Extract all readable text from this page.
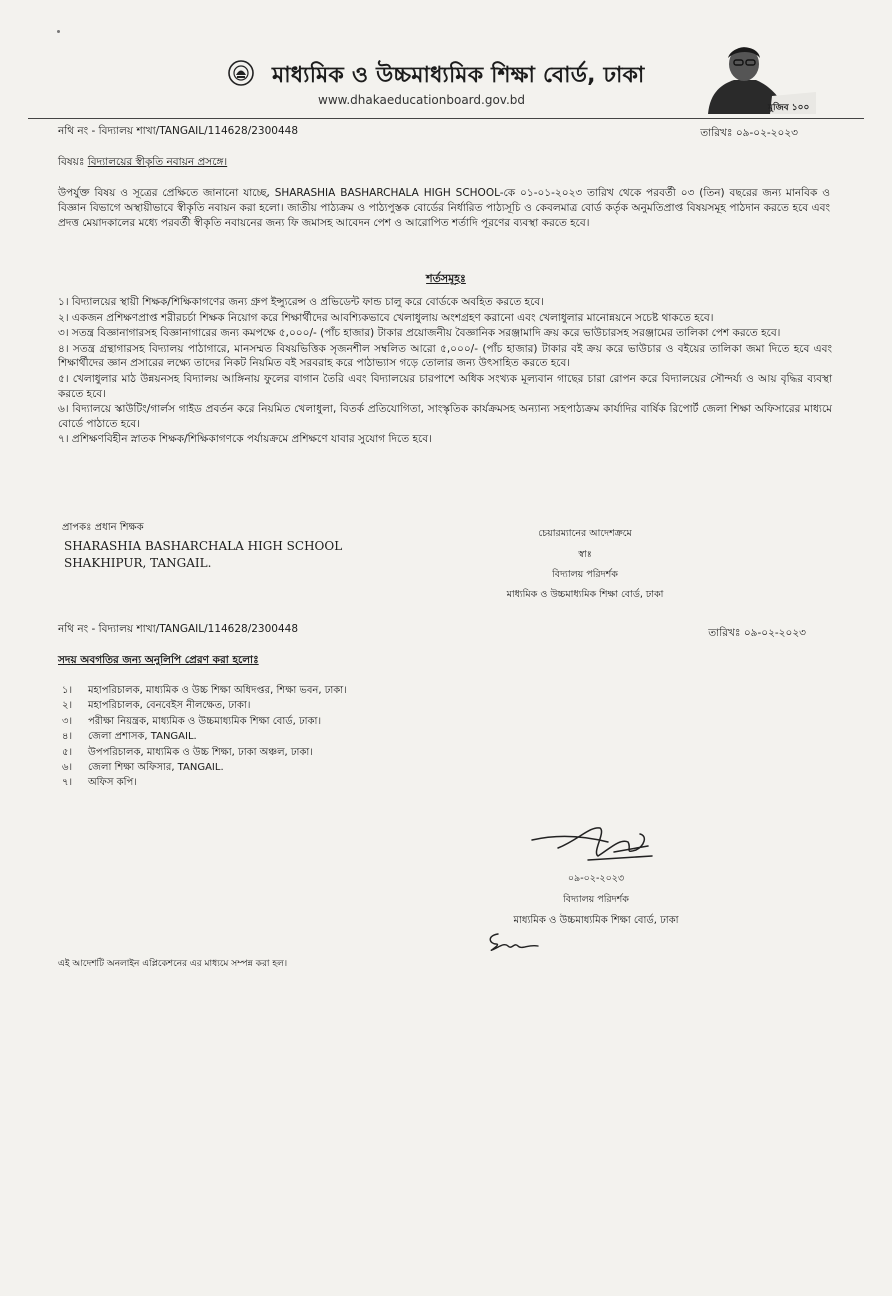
মাধ্যমিক ও উচ্চমাধ্যমিক শিক্ষা বোর্ড, ঢাকা
www.dhakaeducationboard.gov.bd
মুজিব ১০০
নথি নং - বিদ্যালয় শাখা/TANGAIL/114628/2300448	তারিখঃ ০৯-০২-২০২৩
বিষয়ঃ বিদ্যালয়ের স্বীকৃতি নবায়ন প্রসঙ্গে।
উপর্যুক্ত বিষয় ও সূত্রের প্রেক্ষিতে জানানো যাচ্ছে, SHARASHIA BASHARCHALA HIGH SCHOOL-কে ০১-০১-২০২৩ তারিখ থেকে পরবর্তী ০৩ (তিন) বছরের জন্য মানবিক ও বিজ্ঞান বিভাগে অস্থায়ীভাবে স্বীকৃতি নবায়ন করা হলো। জাতীয় পাঠ্যক্রম ও পাঠ্যপুস্তক বোর্ডের নির্ধারিত পাঠ্যসূচি ও কেবলমাত্র বোর্ড কর্তৃক অনুমতিপ্রাপ্ত বিষয়সমূহ পাঠদান করতে হবে এবং প্রদত্ত মেয়াদকালের মধ্যে পরবর্তী স্বীকৃতি নবায়নের জন্য ফি জমাসহ আবেদন পেশ ও আরোপিত শর্তাদি পূরণের ব্যবস্থা করতে হবে।
শর্তসমূহঃ
১। বিদ্যালয়ের স্থায়ী শিক্ষক/শিক্ষিকাগণের জন্য গ্রুপ ইন্স্যুরেন্স ও প্রভিডেন্ট ফান্ড চালু করে বোর্ডকে অবহিত করতে হবে।
২। একজন প্রশিক্ষণপ্রাপ্ত শরীরচর্চা শিক্ষক নিয়োগ করে শিক্ষার্থীদের আবশ্যিকভাবে খেলাধুলায় অংশগ্রহণ করানো এবং খেলাধুলার মানোন্নয়নে সচেষ্ট থাকতে হবে।
৩। সতন্ত্র বিজ্ঞানাগারসহ বিজ্ঞানাগারের জন্য কমপক্ষে ৫,০০০/- (পাঁচ হাজার) টাকার প্রয়োজনীয় বৈজ্ঞানিক সরঞ্জামাদি ক্রয় করে ভাউচারসহ সরঞ্জামের তালিকা পেশ করতে হবে।
৪। সতন্ত্র গ্রন্থাগারসহ বিদ্যালয় পাঠাগারে, মানসম্মত বিষয়ভিত্তিক সৃজনশীল সম্বলিত আরো ৫,০০০/- (পাঁচ হাজার) টাকার বই ক্রয় করে ভাউচার ও বইয়ের তালিকা জমা দিতে হবে এবং শিক্ষার্থীদের জ্ঞান প্রসারের লক্ষ্যে তাদের নিকট নিয়মিত বই সরবরাহ করে পাঠাভ্যাস গড়ে তোলার জন্য উৎসাহিত করতে হবে।
৫। খেলাধুলার মাঠ উন্নয়নসহ বিদ্যালয় আঙ্গিনায় ফুলের বাগান তৈরি এবং বিদ্যালয়ের চারপাশে অধিক সংখ্যক মূল্যবান গাছের চারা রোপন করে বিদ্যালয়ের সৌন্দর্য্য ও আয় বৃদ্ধির ব্যবস্থা করতে হবে।
৬। বিদ্যালয়ে স্কাউটিং/গার্লস গাইড প্রবর্তন করে নিয়মিত খেলাধুলা, বিতর্ক প্রতিযোগিতা, সাংস্কৃতিক কার্যক্রমসহ অন্যান্য সহপাঠ্যক্রম কার্যাদির বার্ষিক রিপোর্ট জেলা শিক্ষা অফিসারের মাধ্যমে বোর্ডে পাঠাতে হবে।
৭। প্রশিক্ষণবিহীন স্নাতক শিক্ষক/শিক্ষিকাগণকে পর্যায়ক্রমে প্রশিক্ষণে যাবার সুযোগ দিতে হবে।
প্রাপকঃ প্রধান শিক্ষক
SHARASHIA BASHARCHALA HIGH SCHOOL
SHAKHIPUR, TANGAIL.
চেয়ারম্যানের আদেশক্রমে
স্বাঃ
বিদ্যালয় পরিদর্শক
মাধ্যমিক ও উচ্চমাধ্যমিক শিক্ষা বোর্ড, ঢাকা
নথি নং - বিদ্যালয় শাখা/TANGAIL/114628/2300448	তারিখঃ ০৯-০২-২০২৩
সদয় অবগতির জন্য অনুলিপি প্রেরণ করা হলোঃ
১। মহাপরিচালক, মাধ্যমিক ও উচ্চ শিক্ষা অধিদপ্তর, শিক্ষা ভবন, ঢাকা।
২। মহাপরিচালক, বেনবেইস নীলক্ষেত, ঢাকা।
৩। পরীক্ষা নিয়ন্ত্রক, মাধ্যমিক ও উচ্চমাধ্যমিক শিক্ষা বোর্ড, ঢাকা।
৪। জেলা প্রশাসক, TANGAIL.
৫। উপপরিচালক, মাধ্যমিক ও উচ্চ শিক্ষা, ঢাকা অঞ্চল, ঢাকা।
৬। জেলা শিক্ষা অফিসার, TANGAIL.
৭। অফিস কপি।
০৯-০২-২০২৩
বিদ্যালয় পরিদর্শক
মাধ্যমিক ও উচ্চমাধ্যমিক শিক্ষা বোর্ড, ঢাকা
এই আদেশটি অনলাইন এপ্লিকেশনের এর মাধ্যমে সম্পন্ন করা হল।
